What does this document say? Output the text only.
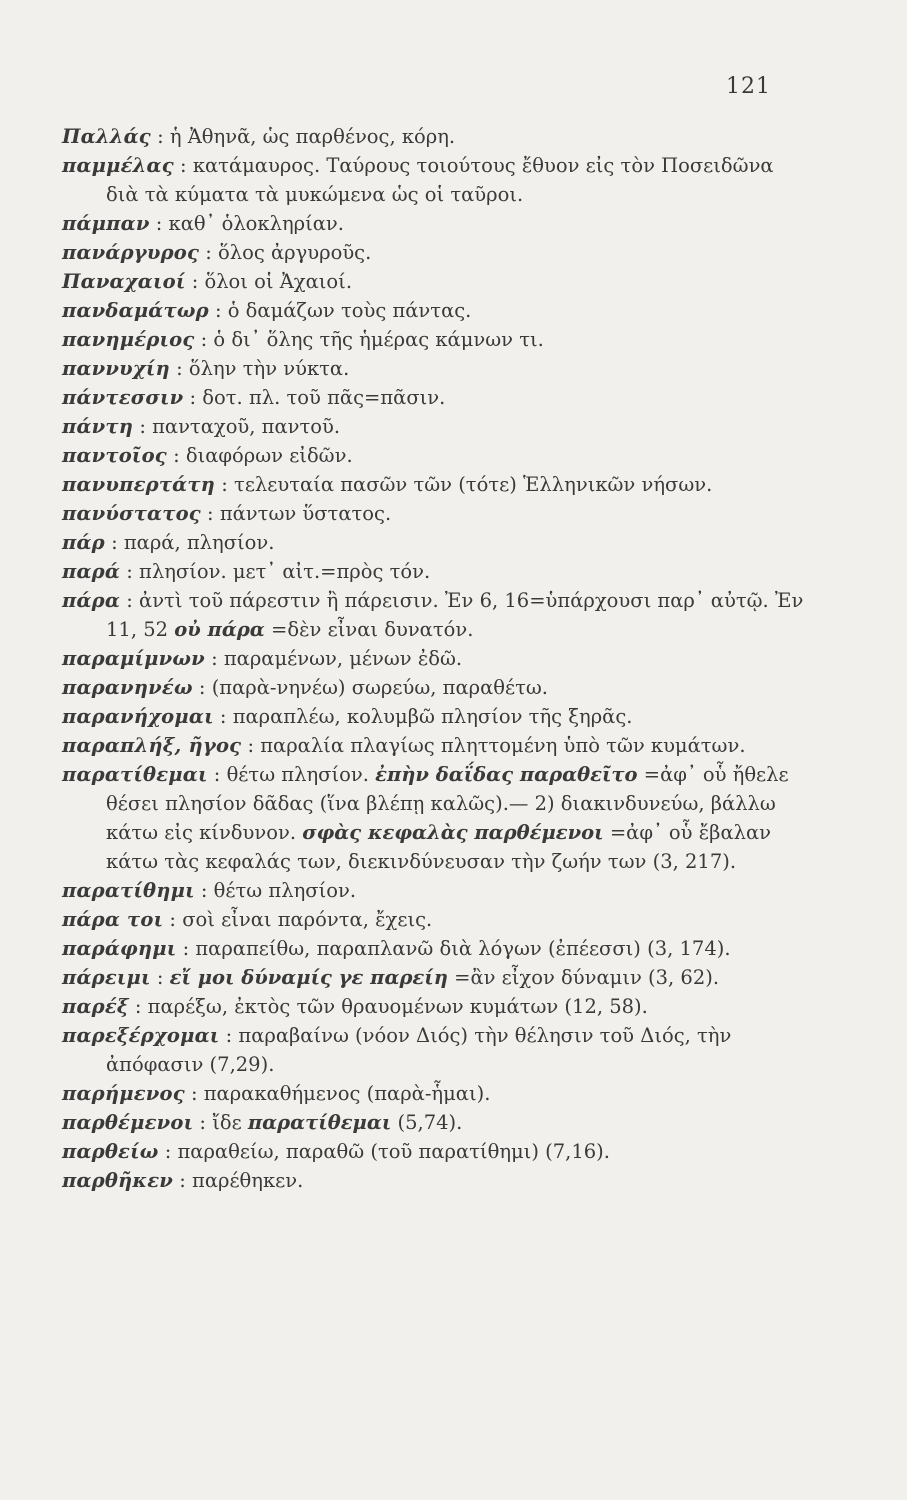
121

Παλλάς : ἡ Ἀθηνᾶ, ὡς παρθένος, κόρη.

παμμέλας : κατάμαυρος. Ταύρους τοιούτους ἔθυον εἰς τὸν Ποσειδῶνα διὰ τὰ κύματα τὰ μυκώμενα ὡς οἱ ταῦροι.

πάμπαν : καθ᾽ ὁλοκληρίαν.

πανάργυρος : ὅλος ἀργυροῦς.

Παναχαιοί : ὅλοι οἱ Ἀχαιοί.

πανδαμάτωρ : ὁ δαμάζων τοὺς πάντας.

πανημέριος : ὁ δι᾽ ὅλης τῆς ἡμέρας κάμνων τι.

παννυχίη : ὅλην τὴν νύκτα.

πάντεσσιν : δοτ. πλ. τοῦ πᾶς=πᾶσιν.

πάντη : πανταχοῦ, παντοῦ.

παντοῖος : διαφόρων εἰδῶν.

πανυπερτάτη : τελευταία πασῶν τῶν (τότε) Ἑλληνικῶν νήσων.

πανύστατος : πάντων ὕστατος.

πάρ : παρά, πλησίον.

παρά : πλησίον. μετ᾽ αἰτ.=πρὸς τόν.

πάρα : ἀντὶ τοῦ πάρεστιν ἢ πάρεισιν. Ἐν 6, 16=ὑπάρχουσι παρ᾽ αὐτῷ. Ἐν 11, 52 οὐ πάρα =δὲν εἶναι δυνατόν.

παραμίμνων : παραμένων, μένων ἐδῶ.

παρανηνέω : (παρὰ-νηνέω) σωρεύω, παραθέτω.

παρανήχομαι : παραπλέω, κολυμβῶ πλησίον τῆς ξηρᾶς.

παραπλήξ, ῆγος : παραλία πλαγίως πληττομένη ὑπὸ τῶν κυμάτων.

παρατίθεμαι : θέτω πλησίον. ἐπὴν δαΐδας παραθεῖτο =ἀφ᾽ οὗ ἤθελε θέσει πλησίον δᾶδας (ἵνα βλέπῃ καλῶς).— 2) διακινδυνεύω, βάλλω κάτω εἰς κίνδυνον. σφὰς κεφαλὰς παρθέμενοι =ἀφ᾽ οὗ ἔβαλαν κάτω τὰς κεφαλάς των, διεκινδύνευσαν τὴν ζωήν των (3, 217).

παρατίθημι : θέτω πλησίον.

πάρα τοι : σοὶ εἶναι παρόντα, ἔχεις.

παράφημι : παραπείθω, παραπλανῶ διὰ λόγων (ἐπέεσσι) (3, 174).

πάρειμι : εἴ μοι δύναμίς γε παρείη =ἂν εἶχον δύναμιν (3, 62).

παρέξ : παρέξω, ἐκτὸς τῶν θραυομένων κυμάτων (12, 58).

παρεξέρχομαι : παραβαίνω (νόον Διός) τὴν θέλησιν τοῦ Διός, τὴν ἀπόφασιν (7,29).

παρήμενος : παρακαθήμενος (παρὰ-ἧμαι).

παρθέμενοι : ἴδε παρατίθεμαι (5,74).

παρθείω : παραθείω, παραθῶ (τοῦ παρατίθημι) (7,16).

παρθῆκεν : παρέθηκεν.
